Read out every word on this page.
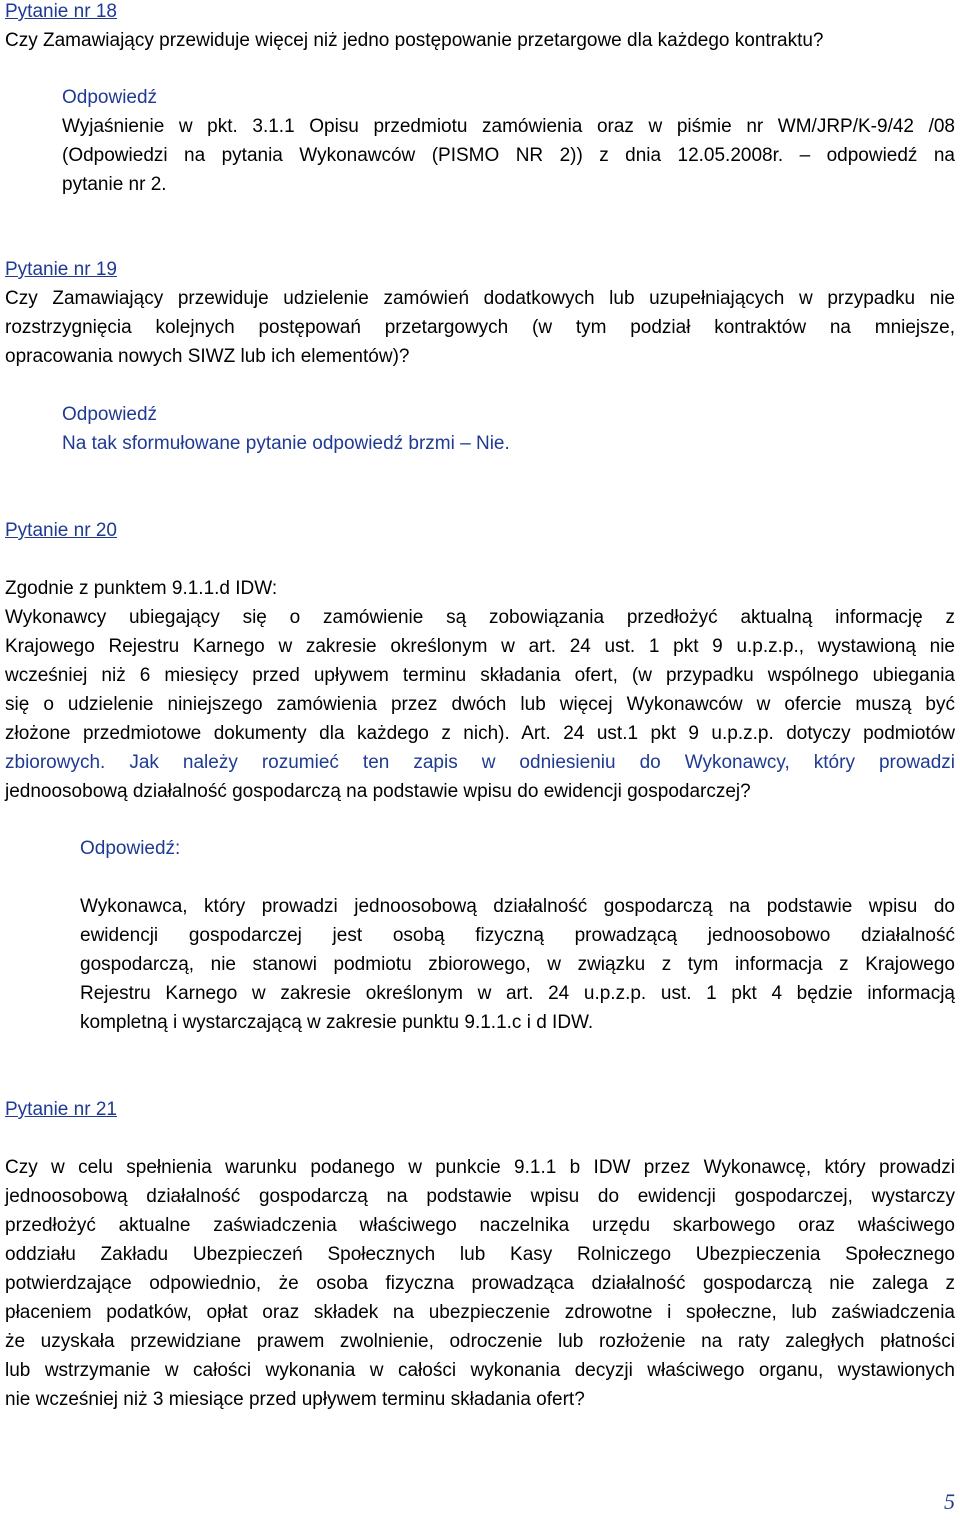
Pytanie nr 18

Czy Zamawiający przewiduje więcej niż jedno postępowanie przetargowe dla każdego kontraktu?

Odpowiedź

Wyjaśnienie w pkt. 3.1.1 Opisu przedmiotu zamówienia oraz w piśmie nr WM/JRP/K-9/42 /08
(Odpowiedzi na pytania Wykonawców (PISMO NR 2)) z dnia 12.05.2008r. – odpowiedź na
pytanie nr 2.

Pytanie nr 19

Czy Zamawiający przewiduje udzielenie zamówień dodatkowych lub uzupełniających w przypadku nie
rozstrzygnięcia kolejnych postępowań przetargowych (w tym podział kontraktów na mniejsze,
opracowania nowych SIWZ lub ich elementów)?

Odpowiedź

Na tak sformułowane pytanie odpowiedź brzmi – Nie.

Pytanie nr 20

Zgodnie z punktem 9.1.1.d IDW:
Wykonawcy ubiegający się o zamówienie są zobowiązania przedłożyć aktualną informację z
Krajowego Rejestru Karnego w zakresie określonym w art. 24 ust. 1 pkt 9 u.p.z.p., wystawioną nie
wcześniej niż 6 miesięcy przed upływem terminu składania ofert, (w przypadku wspólnego ubiegania
się o udzielenie niniejszego zamówienia przez dwóch lub więcej Wykonawców w ofercie muszą być
złożone przedmiotowe dokumenty dla każdego z nich). Art. 24 ust.1 pkt 9 u.p.z.p. dotyczy podmiotów
zbiorowych. Jak należy rozumieć ten zapis w odniesieniu do Wykonawcy, który prowadzi
jednoosobową działalność gospodarczą na podstawie wpisu do ewidencji gospodarczej?

Odpowiedź:

Wykonawca, który prowadzi jednoosobową działalność gospodarczą na podstawie wpisu do
ewidencji gospodarczej jest osobą fizyczną prowadzącą jednoosobowo działalność
gospodarczą, nie stanowi podmiotu zbiorowego, w związku z tym informacja z Krajowego
Rejestru Karnego w zakresie określonym w art. 24 u.p.z.p. ust. 1 pkt 4 będzie informacją
kompletną i wystarczającą w zakresie punktu 9.1.1.c i d IDW.

Pytanie nr 21

Czy w celu spełnienia warunku podanego w punkcie 9.1.1 b IDW przez Wykonawcę, który prowadzi
jednoosobową działalność gospodarczą na podstawie wpisu do ewidencji gospodarczej, wystarczy
przedłożyć aktualne zaświadczenia właściwego naczelnika urzędu skarbowego oraz właściwego
oddziału Zakładu Ubezpieczeń Społecznych lub Kasy Rolniczego Ubezpieczenia Społecznego
potwierdzające odpowiednio, że osoba fizyczna prowadząca działalność gospodarczą nie zalega z
płaceniem podatków, opłat oraz składek na ubezpieczenie zdrowotne i społeczne, lub zaświadczenia
że uzyskała przewidziane prawem zwolnienie, odroczenie lub rozłożenie na raty zaległych płatności
lub wstrzymanie w całości wykonania w całości wykonania decyzji właściwego organu, wystawionych
nie wcześniej niż 3 miesiące przed upływem terminu składania ofert?
5
